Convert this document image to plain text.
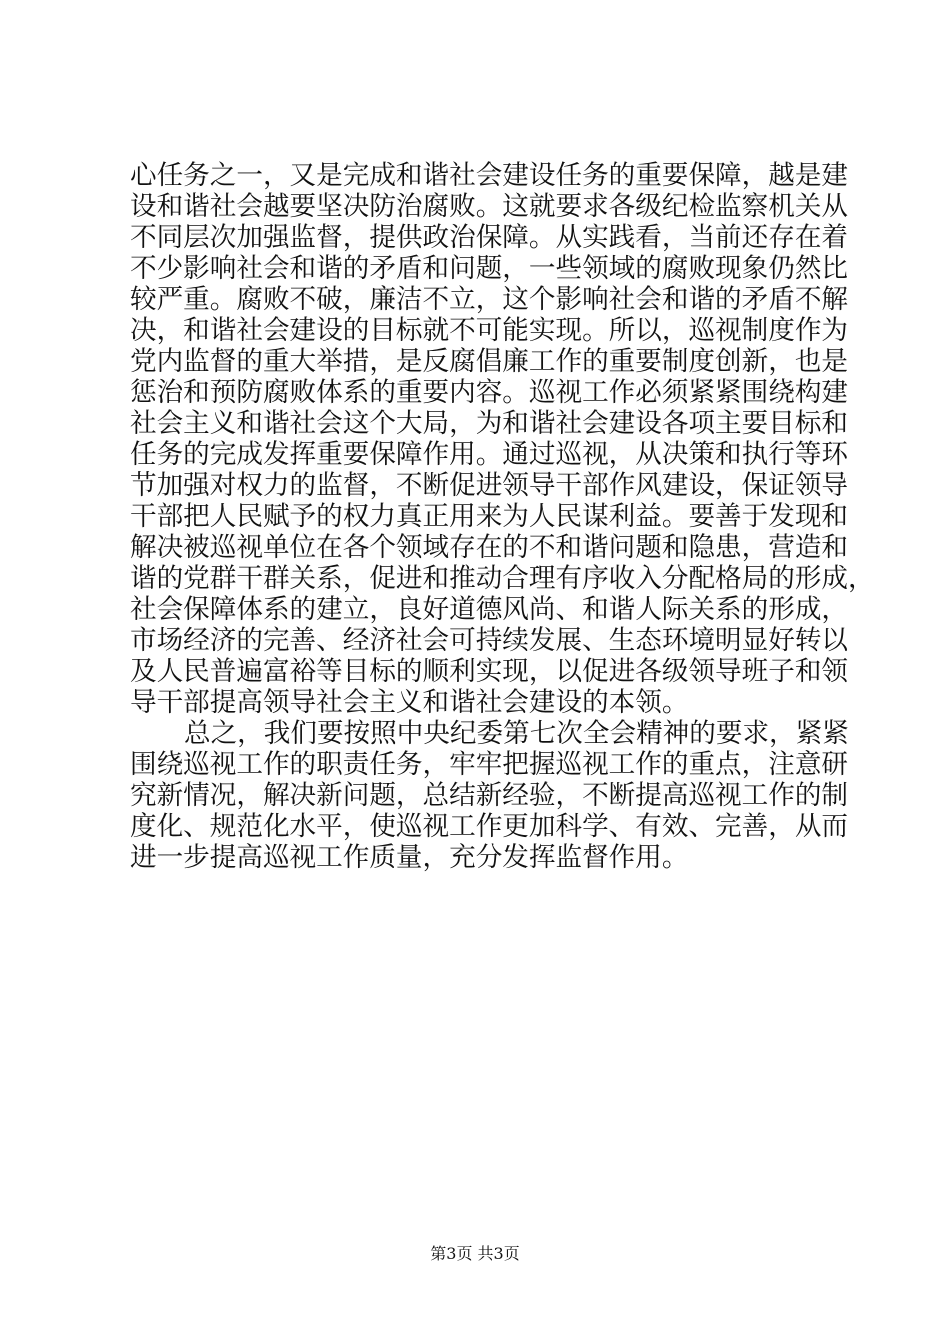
心任务之一，又是完成和谐社会建设任务的重要保障，越是建
设和谐社会越要坚决防治腐败。这就要求各级纪检监察机关从
不同层次加强监督，提供政治保障。从实践看，当前还存在着
不少影响社会和谐的矛盾和问题，一些领域的腐败现象仍然比
较严重。腐败不破，廉洁不立，这个影响社会和谐的矛盾不解
决，和谐社会建设的目标就不可能实现。所以，巡视制度作为
党内监督的重大举措，是反腐倡廉工作的重要制度创新，也是
惩治和预防腐败体系的重要内容。巡视工作必须紧紧围绕构建
社会主义和谐社会这个大局，为和谐社会建设各项主要目标和
任务的完成发挥重要保障作用。通过巡视，从决策和执行等环
节加强对权力的监督，不断促进领导干部作风建设，保证领导
干部把人民赋予的权力真正用来为人民谋利益。要善于发现和
解决被巡视单位在各个领域存在的不和谐问题和隐患，营造和
谐的党群干群关系，促进和推动合理有序收入分配格局的形成，
社会保障体系的建立，良好道德风尚、和谐人际关系的形成，
市场经济的完善、经济社会可持续发展、生态环境明显好转以
及人民普遍富裕等目标的顺利实现，以促进各级领导班子和领
导干部提高领导社会主义和谐社会建设的本领。
总之，我们要按照中央纪委第七次全会精神的要求，紧紧
围绕巡视工作的职责任务，牢牢把握巡视工作的重点，注意研
究新情况，解决新问题，总结新经验，不断提高巡视工作的制
度化、规范化水平，使巡视工作更加科学、有效、完善，从而
进一步提高巡视工作质量，充分发挥监督作用。
第3页 共3页
